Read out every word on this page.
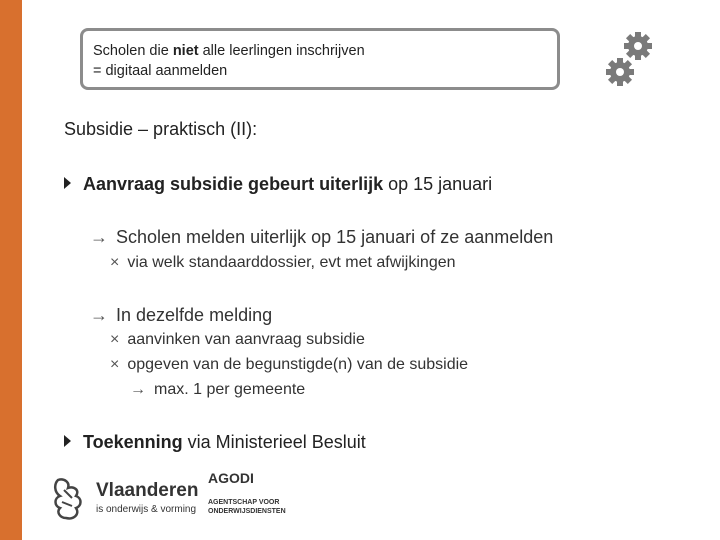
Scholen die niet alle leerlingen inschrijven
= digitaal aanmelden
Subsidie – praktisch (II):
Aanvraag subsidie gebeurt uiterlijk op 15 januari
→ Scholen melden uiterlijk op 15 januari of ze aanmelden
× via welk standaarddossier, evt met afwijkingen
→ In dezelfde melding
× aanvinken van aanvraag subsidie
× opgeven van de begunstigde(n) van de subsidie
→ max. 1 per gemeente
Toekenning via Ministerieel Besluit
Vlaanderen
is onderwijs & vorming
AGODI
AGENTSCHAP VOOR
ONDERWIJSDIENSTEN
